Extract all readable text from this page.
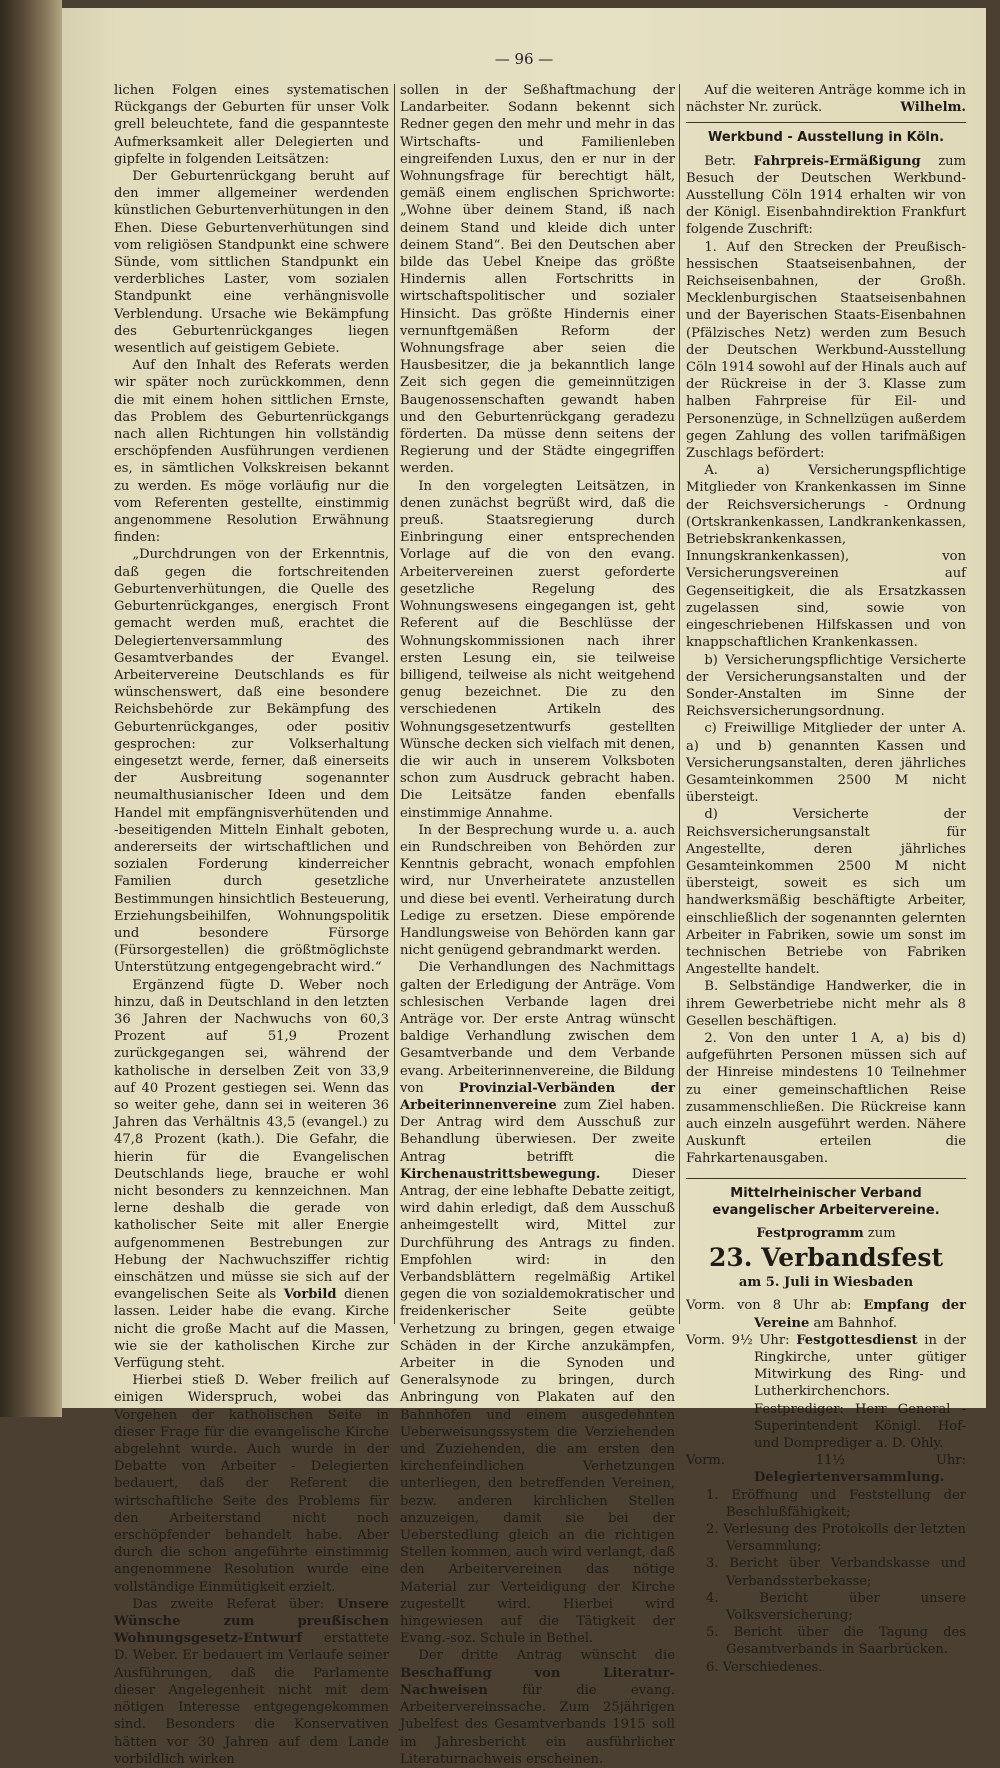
— 96 —

lichen Folgen eines systematischen Rückgangs der Geburten für unser Volk grell beleuchtete, fand die gespannteste Aufmerksamkeit aller Delegierten und gipfelte in folgenden Leitsätzen:

Der Geburtenrückgang beruht auf den immer allgemeiner werdenden künstlichen Geburtenverhütungen in den Ehen. Diese Geburtenverhütungen sind vom religiösen Standpunkt eine schwere Sünde, vom sittlichen Standpunkt ein verderbliches Laster, vom sozialen Standpunkt eine verhängnisvolle Verblendung. Ursache wie Bekämpfung des Geburtenrückganges liegen wesentlich auf geistigem Gebiete.

Auf den Inhalt des Referats werden wir später noch zurückkommen, denn die mit einem hohen sittlichen Ernste, das Problem des Geburtenrückgangs nach allen Richtungen hin vollständig erschöpfenden Ausführungen verdienen es, in sämtlichen Volkskreisen bekannt zu werden. Es möge vorläufig nur die vom Referenten gestellte, einstimmig angenommene Resolution Erwähnung finden:

„Durchdrungen von der Erkenntnis, daß gegen die fortschreitenden Geburtenverhütungen, die Quelle des Geburtenrückganges, energisch Front gemacht werden muß, erachtet die Delegiertenversammlung des Gesamtverbandes der Evangel. Arbeitervereine Deutschlands es für wünschenswert, daß eine besondere Reichsbehörde zur Bekämpfung des Geburtenrückganges, oder positiv gesprochen: zur Volkserhaltung eingesetzt werde, ferner, daß einerseits der Ausbreitung sogenannter neumalthusianischer Ideen und dem Handel mit empfängnisverhütenden und -beseitigenden Mitteln Einhalt geboten, andererseits der wirtschaftlichen und sozialen Forderung kinderreicher Familien durch gesetzliche Bestimmungen hinsichtlich Besteuerung, Erziehungsbeihilfen, Wohnungspolitik und besondere Fürsorge (Fürsorgestellen) die größtmöglichste Unterstützung entgegengebracht wird.“

Ergänzend fügte D. Weber noch hinzu, daß in Deutschland in den letzten 36 Jahren der Nachwuchs von 60,3 Prozent auf 51,9 Prozent zurückgegangen sei, während der katholische in derselben Zeit von 33,9 auf 40 Prozent gestiegen sei. Wenn das so weiter gehe, dann sei in weiteren 36 Jahren das Verhältnis 43,5 (evangel.) zu 47,8 Prozent (kath.). Die Gefahr, die hierin für die Evangelischen Deutschlands liege, brauche er wohl nicht besonders zu kennzeichnen. Man lerne deshalb die gerade von katholischer Seite mit aller Energie aufgenommenen Bestrebungen zur Hebung der Nachwuchsziffer richtig einschätzen und müsse sie sich auf der evangelischen Seite als Vorbild dienen lassen. Leider habe die evang. Kirche nicht die große Macht auf die Massen, wie sie der katholischen Kirche zur Verfügung steht.

Hierbei stieß D. Weber freilich auf einigen Widerspruch, wobei das Vorgehen der katholischen Seite in dieser Frage für die evangelische Kirche abgelehnt wurde. Auch wurde in der Debatte von Arbeiter - Delegierten bedauert, daß der Referent die wirtschaftliche Seite des Problems für den Arbeiterstand nicht noch erschöpfender behandelt habe. Aber durch die schon angeführte einstimmig angenommene Resolution wurde eine vollständige Einmütigkeit erzielt.

Das zweite Referat über: Unsere Wünsche zum preußischen Wohnungsgesetz-Entwurf erstattete D. Weber. Er bedauert im Verlaufe seiner Ausführungen, daß die Parlamente dieser Angelegenheit nicht mit dem nötigen Interesse entgegengekommen sind. Besonders die Konservativen hätten vor 30 Jahren auf dem Lande vorbildlich wirken

sollen in der Seßhaftmachung der Landarbeiter. Sodann bekennt sich Redner gegen den mehr und mehr in das Wirtschafts- und Familienleben eingreifenden Luxus, den er nur in der Wohnungsfrage für berechtigt hält, gemäß einem englischen Sprichworte: „Wohne über deinem Stand, iß nach deinem Stand und kleide dich unter deinem Stand“. Bei den Deutschen aber bilde das Uebel Kneipe das größte Hindernis allen Fortschritts in wirtschaftspolitischer und sozialer Hinsicht. Das größte Hindernis einer vernunftgemäßen Reform der Wohnungsfrage aber seien die Hausbesitzer, die ja bekanntlich lange Zeit sich gegen die gemeinnützigen Baugenossenschaften gewandt haben und den Geburtenrückgang geradezu förderten. Da müsse denn seitens der Regierung und der Städte eingegriffen werden.

In den vorgelegten Leitsätzen, in denen zunächst begrüßt wird, daß die preuß. Staatsregierung durch Einbringung einer entsprechenden Vorlage auf die von den evang. Arbeitervereinen zuerst geforderte gesetzliche Regelung des Wohnungswesens eingegangen ist, geht Referent auf die Beschlüsse der Wohnungskommissionen nach ihrer ersten Lesung ein, sie teilweise billigend, teilweise als nicht weitgehend genug bezeichnet. Die zu den verschiedenen Artikeln des Wohnungsgesetzentwurfs gestellten Wünsche decken sich vielfach mit denen, die wir auch in unserem Volksboten schon zum Ausdruck gebracht haben. Die Leitsätze fanden ebenfalls einstimmige Annahme.

In der Besprechung wurde u. a. auch ein Rundschreiben von Behörden zur Kenntnis gebracht, wonach empfohlen wird, nur Unverheiratete anzustellen und diese bei eventl. Verheiratung durch Ledige zu ersetzen. Diese empörende Handlungsweise von Behörden kann gar nicht genügend gebrandmarkt werden.

Die Verhandlungen des Nachmittags galten der Erledigung der Anträge. Vom schlesischen Verbande lagen drei Anträge vor. Der erste Antrag wünscht baldige Verhandlung zwischen dem Gesamtverbande und dem Verbande evang. Arbeiterinnenvereine, die Bildung von	Provinzial-Verbänden der Arbeiterinnenvereine zum Ziel haben. Der Antrag wird dem Ausschuß zur Behandlung überwiesen. Der zweite Antrag betrifft die Kirchenaustrittsbewegung. Dieser Antrag, der eine lebhafte Debatte zeitigt, wird dahin erledigt, daß dem Ausschuß anheimgestellt wird, Mittel zur Durchführung des Antrags zu finden. Empfohlen wird: in den Verbandsblättern regelmäßig Artikel gegen die von sozialdemokratischer und freidenkerischer Seite geübte Verhetzung zu bringen, gegen etwaige Schäden in der Kirche anzukämpfen, Arbeiter in die Synoden und Generalsynode zu bringen, durch Anbringung von Plakaten auf den Bahnhöfen und einem ausgedehnten Ueberweisungssystem die Verziehenden und Zuziehenden, die am ersten den kirchenfeindlichen Verhetzungen unterliegen, den betreffenden Vereinen, bezw. anderen kirchlichen Stellen anzuzeigen, damit sie bei der Ueberstedlung gleich an die richtigen Stellen kommen, auch wird verlangt, daß den Arbeitervereinen das nötige Material zur Verteidigung der Kirche zugestellt wird. Hierbei wird hingewiesen auf die Tätigkeit der Evang.-soz. Schule in Bethel.

Der dritte Antrag wünscht die Beschaffung von Literatur-Nachweisen	für die evang. Arbeitervereinssache. Zum 25jährigen Jubelfest des Gesamtverbands 1915 soll im Jahresbericht ein ausführlicher Literaturnachweis erscheinen.

Auf die weiteren Anträge komme ich in nächster Nr. zurück.	Wilhelm.

Werkbund - Ausstellung in Köln.

Betr. Fahrpreis-Ermäßigung zum Besuch der Deutschen Werkbund-Ausstellung Cöln 1914 erhalten wir von der Königl. Eisenbahndirektion Frankfurt folgende Zuschrift:

1. Auf den Strecken der Preußisch-hessischen Staatseisenbahnen, der Reichseisenbahnen, der Großh. Mecklenburgischen Staatseisenbahnen und der Bayerischen Staats-Eisenbahnen (Pfälzisches Netz) werden zum Besuch der Deutschen Werkbund-Ausstellung Cöln 1914 sowohl auf der Hinals auch auf der Rückreise in der 3. Klasse zum halben Fahrpreise für Eil- und Personenzüge, in Schnellzügen außerdem gegen Zahlung des vollen tarifmäßigen Zuschlags befördert:

A. a) Versicherungspflichtige Mitglieder von Krankenkassen im Sinne der Reichsversicherungs - Ordnung (Ortskrankenkassen, Landkrankenkassen, Betriebskrankenkassen, Innungskrankenkassen), von Versicherungsvereinen auf Gegenseitigkeit, die als Ersatzkassen zugelassen sind, sowie von eingeschriebenen Hilfskassen und von knappschaftlichen Krankenkassen.

b) Versicherungspflichtige Versicherte der Versicherungsanstalten und der Sonder-Anstalten im Sinne der Reichsversicherungsordnung.

c) Freiwillige Mitglieder der unter A. a) und b) genannten Kassen und Versicherungsanstalten, deren jährliches Gesamteinkommen 2500 M nicht übersteigt.

d) Versicherte der Reichsversicherungsanstalt für Angestellte, deren jährliches Gesamteinkommen 2500 M nicht übersteigt, soweit es sich um handwerksmäßig beschäftigte Arbeiter, einschließlich der sogenannten gelernten Arbeiter in Fabriken, sowie um sonst im technischen Betriebe von Fabriken Angestellte handelt.

B. Selbständige Handwerker, die in ihrem Gewerbetriebe nicht mehr als 8 Gesellen beschäftigen.

2. Von den unter 1 A, a) bis d) aufgeführten Personen müssen sich auf der Hinreise mindestens 10 Teilnehmer zu einer gemeinschaftlichen Reise zusammenschließen. Die Rückreise kann auch einzeln ausgeführt werden. Nähere Auskunft erteilen die Fahrkartenausgaben.

Mittelrheinischer Verband evangelischer Arbeitervereine.

Festprogramm zum

23. Verbandsfest

am 5. Juli in Wiesbaden

Vorm. von 8 Uhr ab: Empfang der Vereine am Bahnhof.

Vorm. 9½ Uhr: Festgottesdienst in der Ringkirche, unter gütiger Mitwirkung des Ring- und Lutherkirchenchors. Festprediger: Herr General - Superintendent Königl. Hof- und Domprediger a. D. Ohly.

Vorm. 11½ Uhr: Delegiertenversammlung.

1. Eröffnung und Feststellung der Beschlußfähigkeit;

2. Verlesung des Protokolls der letzten Versammlung;

3. Bericht über Verbandskasse und Verbandssterbekasse;

4. Bericht über unsere Volksversicherung;

5. Bericht über die Tagung des Gesamtverbands in Saarbrücken.

6. Verschiedenes.
